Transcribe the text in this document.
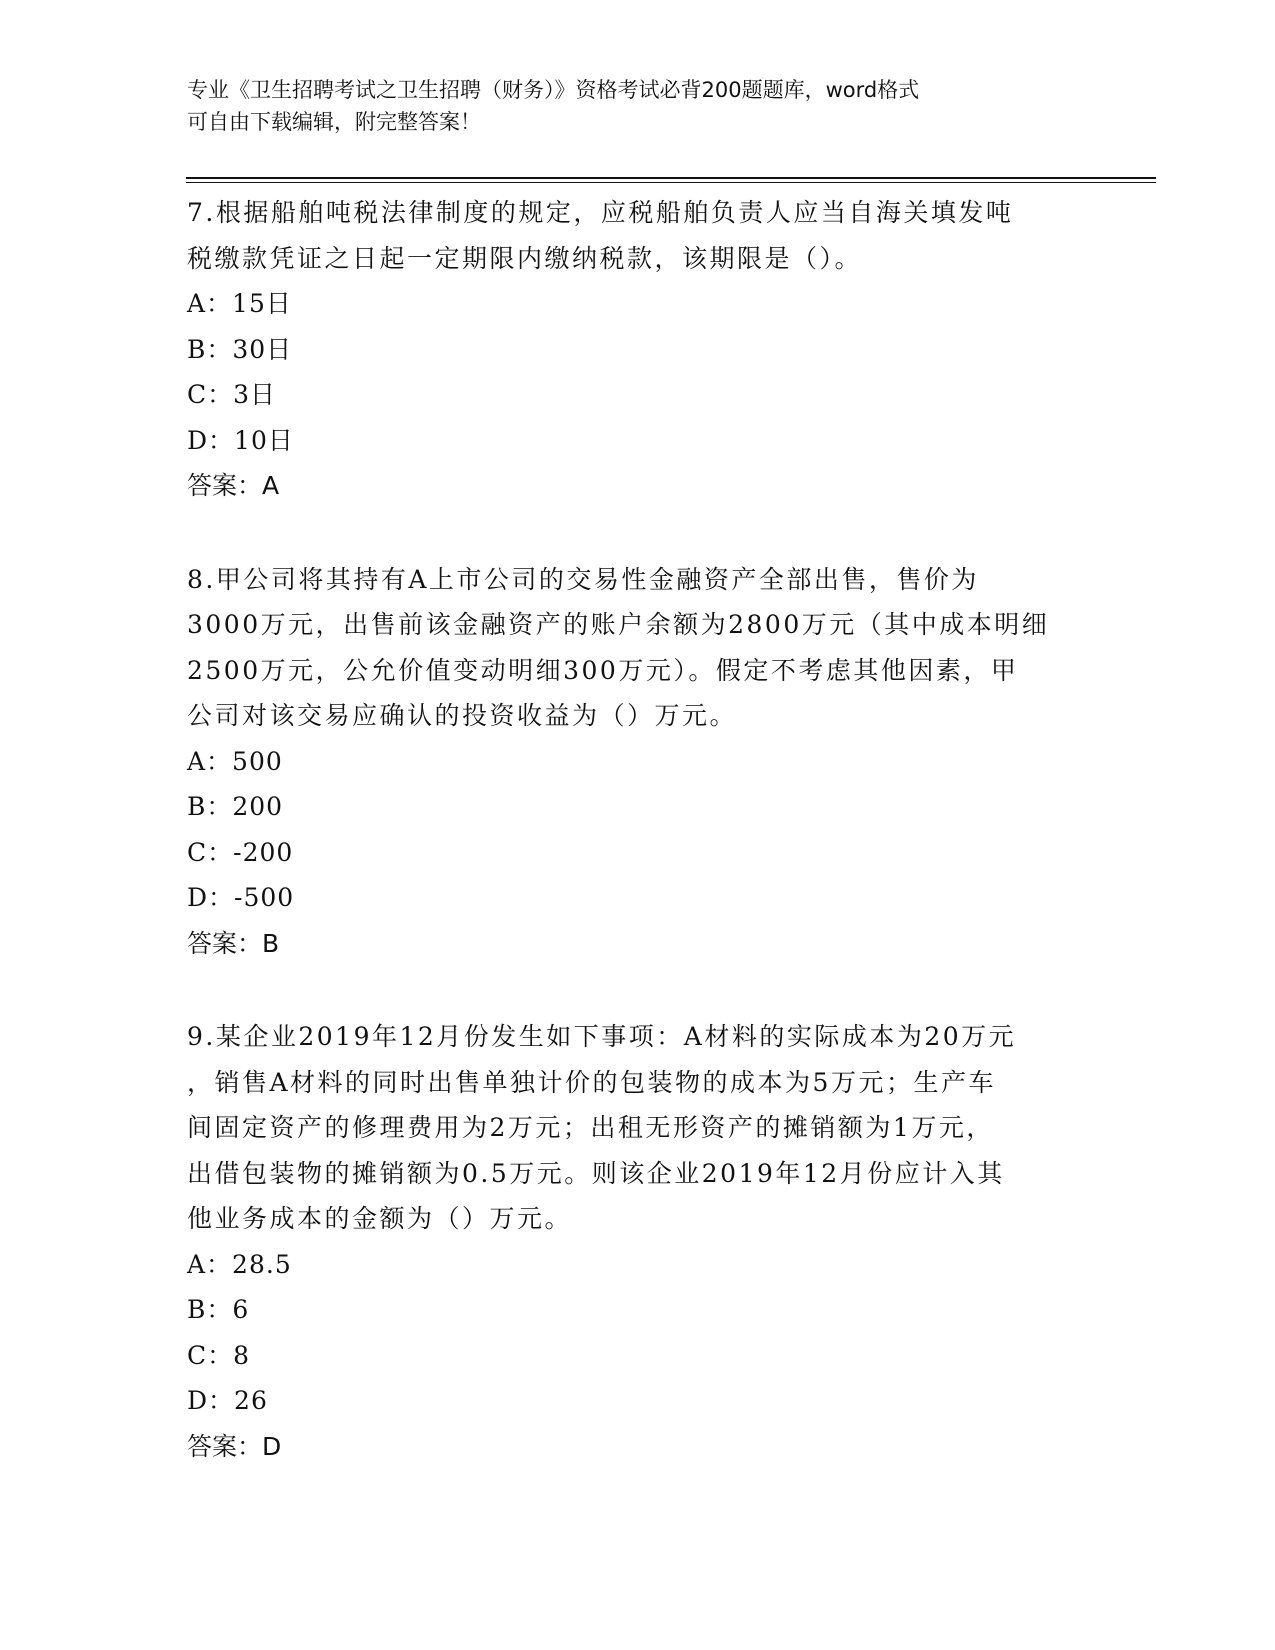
专业《卫生招聘考试之卫生招聘（财务）》资格考试必背200题题库，word格式
可自由下载编辑，附完整答案！
7.根据船舶吨税法律制度的规定，应税船舶负责人应当自海关填发吨
税缴款凭证之日起一定期限内缴纳税款，该期限是（）。
A：15日
B：30日
C：3日
D：10日
答案：A
8.甲公司将其持有A上市公司的交易性金融资产全部出售，售价为
3000万元，出售前该金融资产的账户余额为2800万元（其中成本明细
2500万元，公允价值变动明细300万元）。假定不考虑其他因素，甲
公司对该交易应确认的投资收益为（）万元。
A：500
B：200
C：-200
D：-500
答案：B
9.某企业2019年12月份发生如下事项：A材料的实际成本为20万元
，销售A材料的同时出售单独计价的包装物的成本为5万元；生产车
间固定资产的修理费用为2万元；出租无形资产的摊销额为1万元，
出借包装物的摊销额为0.5万元。则该企业2019年12月份应计入其
他业务成本的金额为（）万元。
A：28.5
B：6
C：8
D：26
答案：D
